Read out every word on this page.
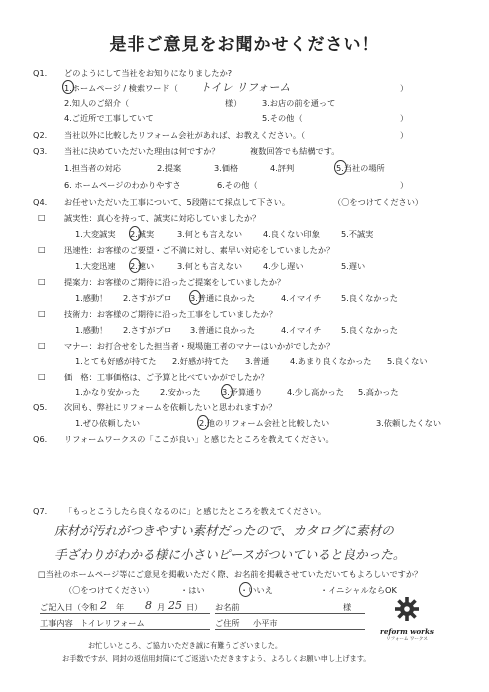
是非ご意見をお聞かせください！
Q1. どのようにして当社をお知りになりましたか?
1.ホームページ / 検索ワード（ トイレ リフォーム	）
2.知人のご紹介（	様）	3.お店の前を通って
4.ご近所で工事していて	5.その他（	）
Q2. 当社以外に比較したリフォーム会社があれば、お教えください。（	）
Q3. 当社に決めていただいた理由は何ですか？	複数回答でも結構です。
1.担当者の対応	2.提案	3.価格	4.評判	5.当社の場所
6. ホームページのわかりやすさ	6.その他（	）
Q4. お任せいただいた工事について、5段階にて採点して下さい。	（〇をつけてください）
□ 誠実性：真心を持って、誠実に対応していましたか？
1.大変誠実 2.誠実	3.何とも言えない	4.良くない印象	5.不誠実
□ 迅速性：お客様のご要望・ご不満に対し、素早い対応をしていましたか？
1.大変迅速 2.速い	3.何とも言えない	4.少し遅い	5.遅い
□ 提案力：お客様のご期待に沿ったご提案をしていましたか？
1.感動！ 2.さすがプロ 3.普通に良かった	4.イマイチ 5.良くなかった
□ 技術力：お客様のご期待に沿った工事をしていましたか？
1.感動！ 2.さすがプロ 3.普通に良かった	4.イマイチ 5.良くなかった
□ マナー：お打合せをした担当者・現場施工者のマナーはいかがでしたか？
1.とても好感が持てた 2.好感が持てた 3.普通	4.あまり良くなかった 5.良くない
□ 価　格：工事価格は、ご予算と比べていかがでしたか？
1.かなり安かった 2.安かった	3.予算通り	4.少し高かった 5.高かった
Q5. 次回も、弊社にリフォームを依頼したいと思われますか？
1.ぜひ依頼したい	2.他のリフォーム会社と比較したい	3.依頼したくない
Q6. リフォームワークスの「ここが良い」と感じたところを教えてください。
Q7. 「もっとこうしたら良くなるのに」と感じたところを教えてください。
床材が汚れがつきやすい素材だったので、カタログに素材の
手ざわりがわかる様に小さいピースがついていると良かった。
□当社のホームページ等にご意見を掲載いただく際、お名前を掲載させていただいてもよろしいですか？
（〇をつけてください）	・はい	・いいえ	・イニシャルならOK
ご記入日（令和 2 年 8 月 25 日） お名前	様
工事内容 トイレリフォーム	ご住所 小平市
お忙しいところ、ご協力いただき誠に有難うございました。
お手数ですが、同封の返信用封筒にてご返送いただきますよう、よろしくお願い申し上げます。
reform works
リフォーム ワークス
